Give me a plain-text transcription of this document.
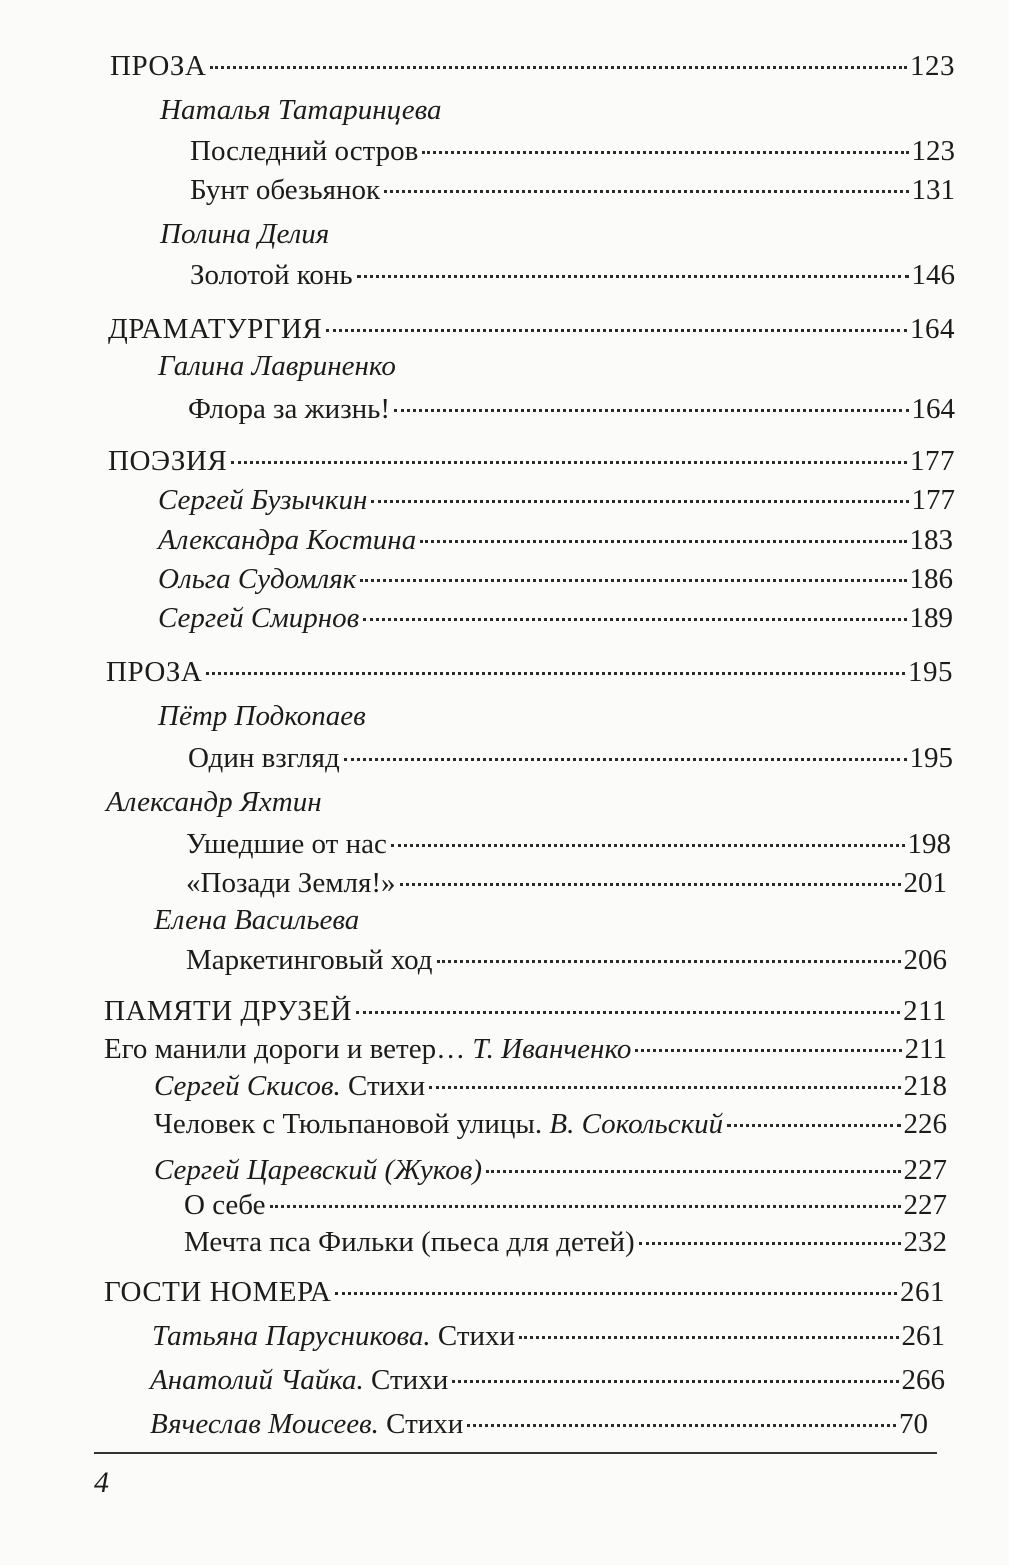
ПРОЗА	123
Наталья Татаринцева
Последний остров	123
Бунт обезьянок	131
Полина Делия
Золотой конь	146
ДРАМАТУРГИЯ	164
Галина Лавриненко
Флора за жизнь!	164
ПОЭЗИЯ	177
Сергей Бузычкин	177
Александра Костина	183
Ольга Судомляк	186
Сергей Смирнов	189
ПРОЗА	195
Пётр Подкопаев
Один взгляд	195
Александр Яхтин
Ушедшие от нас	198
«Позади Земля!»	201
Елена Васильева
Маркетинговый ход	206
ПАМЯТИ ДРУЗЕЙ	211
Его манили дороги и ветер… Т. Иванченко	211
Сергей Скисов. Стихи	218
Человек с Тюльпановой улицы. В. Сокольский	226
Сергей Царевский (Жуков)	227
О себе	227
Мечта пса Фильки (пьеса для детей)	232
ГОСТИ НОМЕРА	261
Татьяна Парусникова. Стихи	261
Анатолий Чайка. Стихи	266
Вячеслав Моисеев. Стихи	70
4
